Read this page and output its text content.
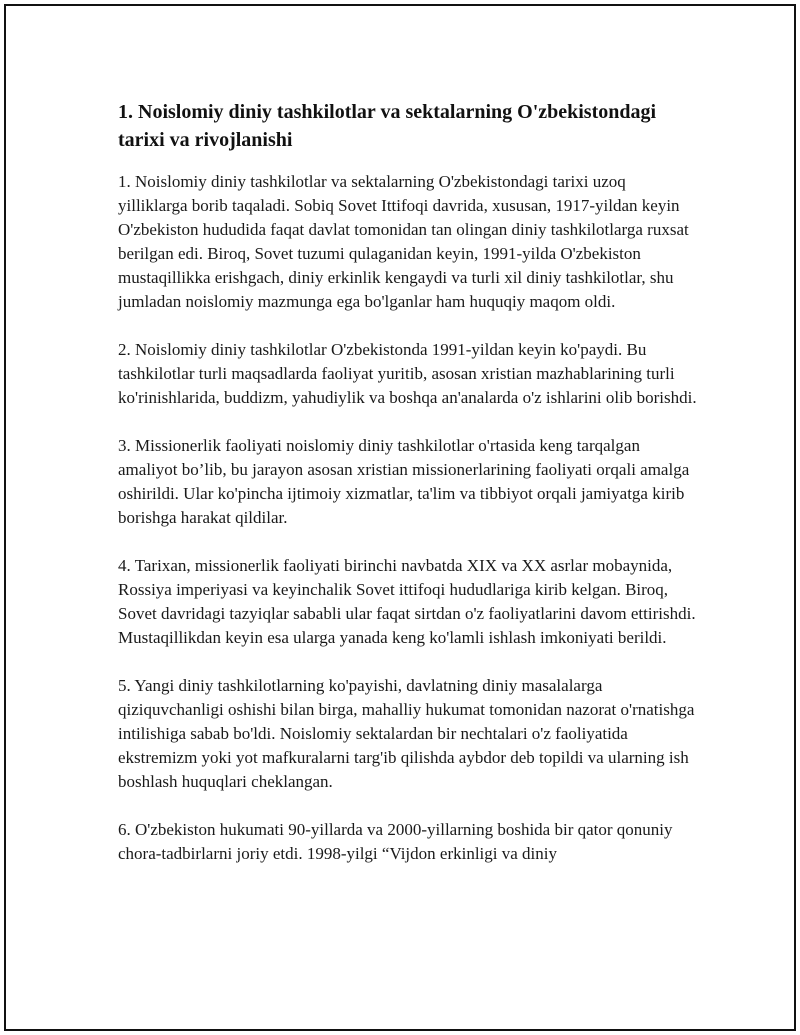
1. Noislomiy diniy tashkilotlar va sektalarning O'zbekistondagi tarixi va rivojlanishi

1. Noislomiy diniy tashkilotlar va sektalarning O'zbekistondagi tarixi uzoq yilliklarga borib taqaladi. Sobiq Sovet Ittifoqi davrida, xususan, 1917-yildan keyin O'zbekiston hududida faqat davlat tomonidan tan olingan diniy tashkilotlarga ruxsat berilgan edi. Biroq, Sovet tuzumi qulaganidan keyin, 1991-yilda O'zbekiston mustaqillikka erishgach, diniy erkinlik kengaydi va turli xil diniy tashkilotlar, shu jumladan noislomiy mazmunga ega bo'lganlar ham huquqiy maqom oldi.

2. Noislomiy diniy tashkilotlar O'zbekistonda 1991-yildan keyin ko'paydi. Bu tashkilotlar turli maqsadlarda faoliyat yuritib, asosan xristian mazhablarining turli ko'rinishlarida, buddizm, yahudiylik va boshqa an'analarda o'z ishlarini olib borishdi.

3. Missionerlik faoliyati noislomiy diniy tashkilotlar o'rtasida keng tarqalgan amaliyot bo’lib, bu jarayon asosan xristian missionerlarining faoliyati orqali amalga oshirildi. Ular ko'pincha ijtimoiy xizmatlar, ta'lim va tibbiyot orqali jamiyatga kirib borishga harakat qildilar.

4. Tarixan, missionerlik faoliyati birinchi navbatda XIX va XX asrlar mobaynida, Rossiya imperiyasi va keyinchalik Sovet ittifoqi hududlariga kirib kelgan. Biroq, Sovet davridagi tazyiqlar sababli ular faqat sirtdan o'z faoliyatlarini davom ettirishdi. Mustaqillikdan keyin esa ularga yanada keng ko'lamli ishlash imkoniyati berildi.

5. Yangi diniy tashkilotlarning ko'payishi, davlatning diniy masalalarga qiziquvchanligi oshishi bilan birga, mahalliy hukumat tomonidan nazorat o'rnatishga intilishiga sabab bo'ldi. Noislomiy sektalardan bir nechtalari o'z faoliyatida ekstremizm yoki yot mafkuralarni targ'ib qilishda aybdor deb topildi va ularning ish boshlash huquqlari cheklangan.

6. O'zbekiston hukumati 90-yillarda va 2000-yillarning boshida bir qator qonuniy chora-tadbirlarni joriy etdi. 1998-yilgi “Vijdon erkinligi va diniy
